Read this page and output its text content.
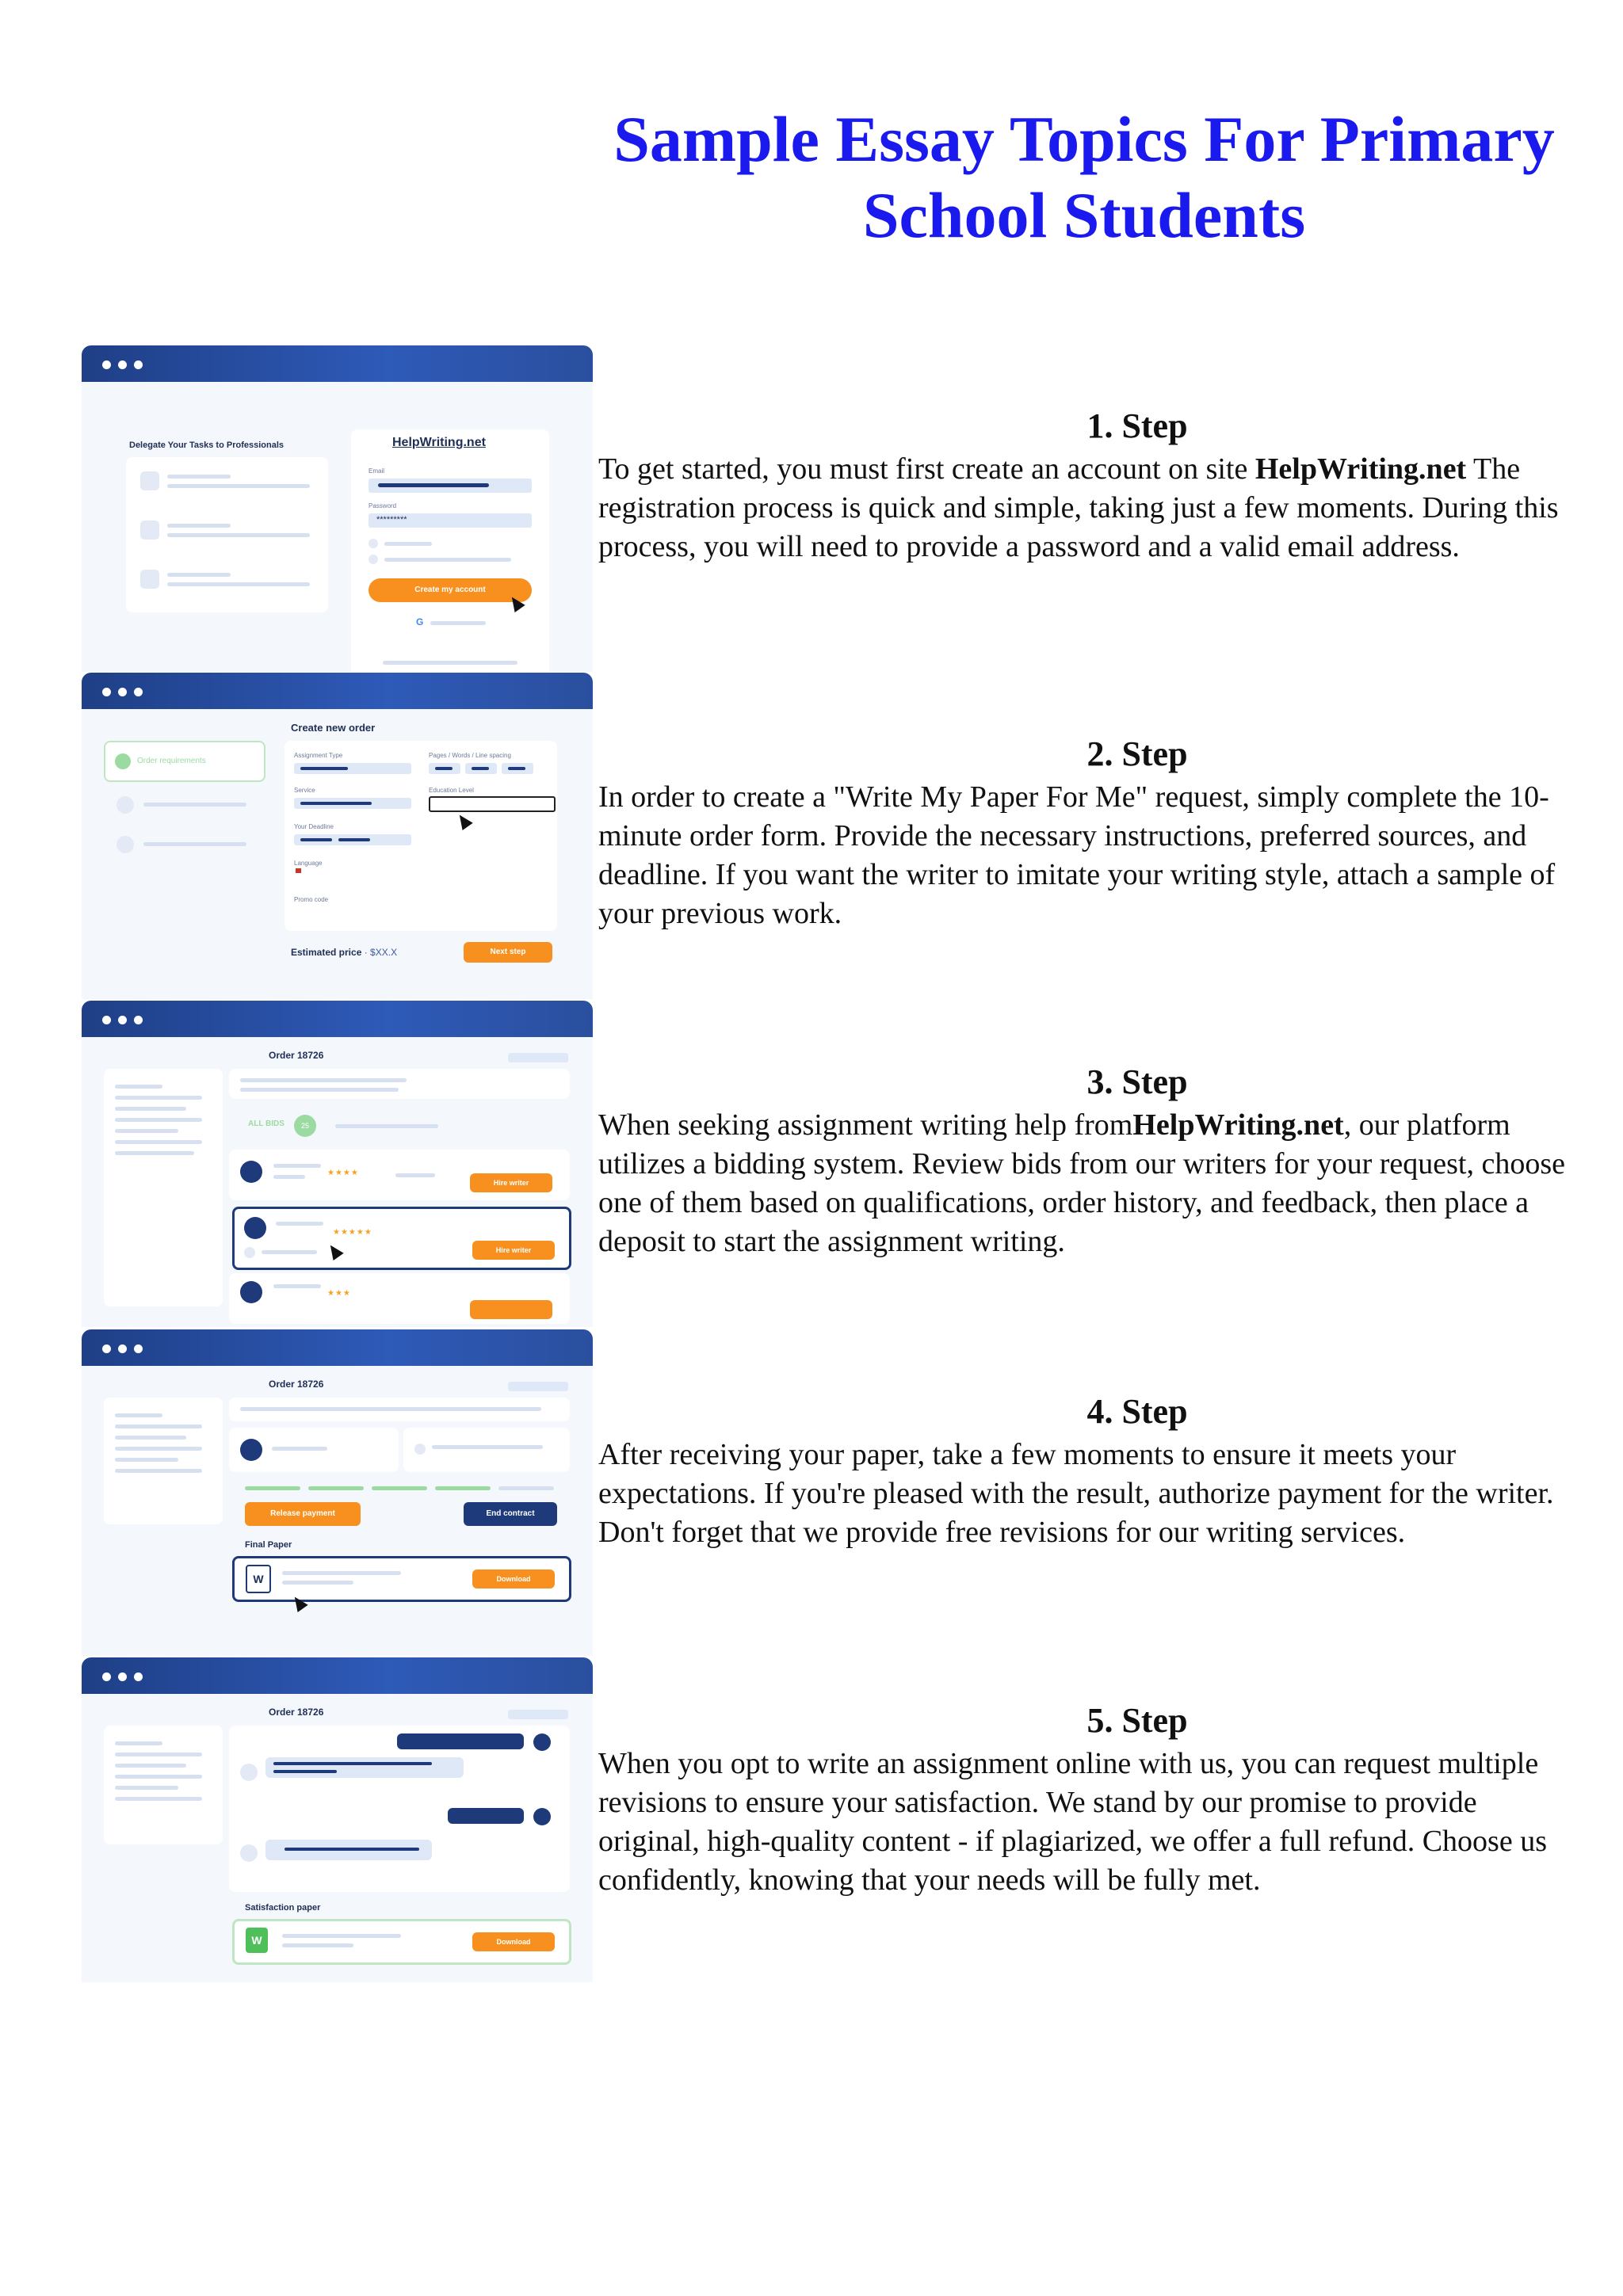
Sample Essay Topics For Primary School Students
Delegate Your Tasks to Professionals	HelpWriting.net
Email
Password
*********
Create my account
G
Order requirements
Create new order
Assignment Type	Pages / Words / Line spacing
Service	Education Level
Your Deadline
Language
▀
Promo code
Estimated price · $XX.X	Next step
Order 18726
ALL BIDS	25
★★★★
Hire writer
★★★★★
Hire writer
★★★
Order 18726
Release payment	End contract
Final Paper
W	Download
Order 18726
Satisfaction paper
W	Download
1. Step

To get started, you must first create an account on site HelpWriting.net The registration process is quick and simple, taking just a few moments. During this process, you will need to provide a password and a valid email address.

2. Step

In order to create a "Write My Paper For Me" request, simply complete the 10-minute order form. Provide the necessary instructions, preferred sources, and deadline. If you want the writer to imitate your writing style, attach a sample of your previous work.

3. Step

When seeking assignment writing help fromHelpWriting.net, our platform utilizes a bidding system. Review bids from our writers for your request, choose one of them based on qualifications, order history, and feedback, then place a deposit to start the assignment writing.

4. Step

After receiving your paper, take a few moments to ensure it meets your expectations. If you're pleased with the result, authorize payment for the writer. Don't forget that we provide free revisions for our writing services.

5. Step

When you opt to write an assignment online with us, you can request multiple revisions to ensure your satisfaction. We stand by our promise to provide original, high-quality content - if plagiarized, we offer a full refund. Choose us confidently, knowing that your needs will be fully met.
